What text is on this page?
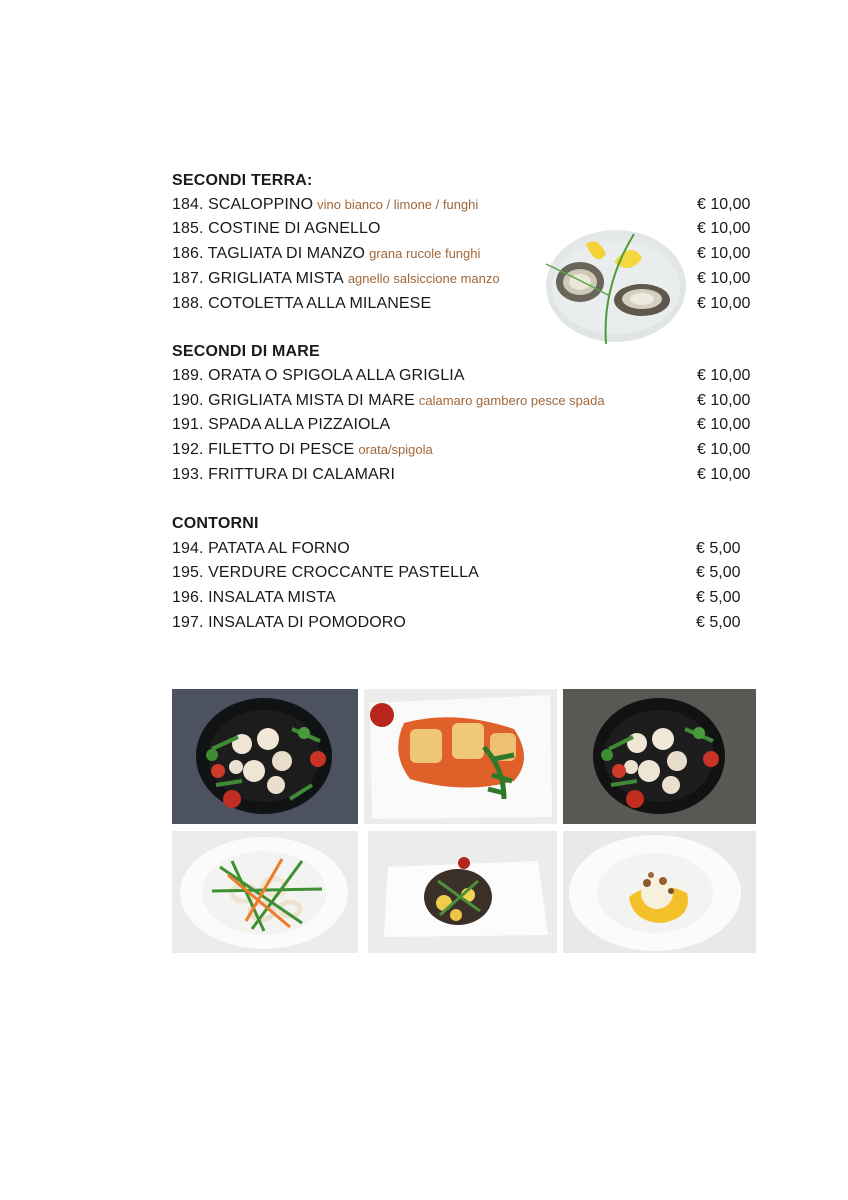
SECONDI TERRA:
184. SCALOPPINO vino bianco / limone / funghi	€ 10,00
185. COSTINE DI AGNELLO	€ 10,00
186. TAGLIATA DI MANZO grana rucole funghi	€ 10,00
187. GRIGLIATA MISTA agnello salsiccione manzo	€ 10,00
188. COTOLETTA ALLA MILANESE	€ 10,00
SECONDI DI MARE
189. ORATA O SPIGOLA ALLA GRIGLIA	€ 10,00
190. GRIGLIATA MISTA DI MARE calamaro gambero pesce spada	€ 10,00
191. SPADA ALLA PIZZAIOLA	€ 10,00
192. FILETTO DI PESCE orata/spigola	€ 10,00
193. FRITTURA DI CALAMARI	€ 10,00
CONTORNI
194. PATATA AL FORNO	€ 5,00
195. VERDURE CROCCANTE PASTELLA	€ 5,00
196. INSALATA MISTA	€ 5,00
197. INSALATA DI POMODORO	€ 5,00
